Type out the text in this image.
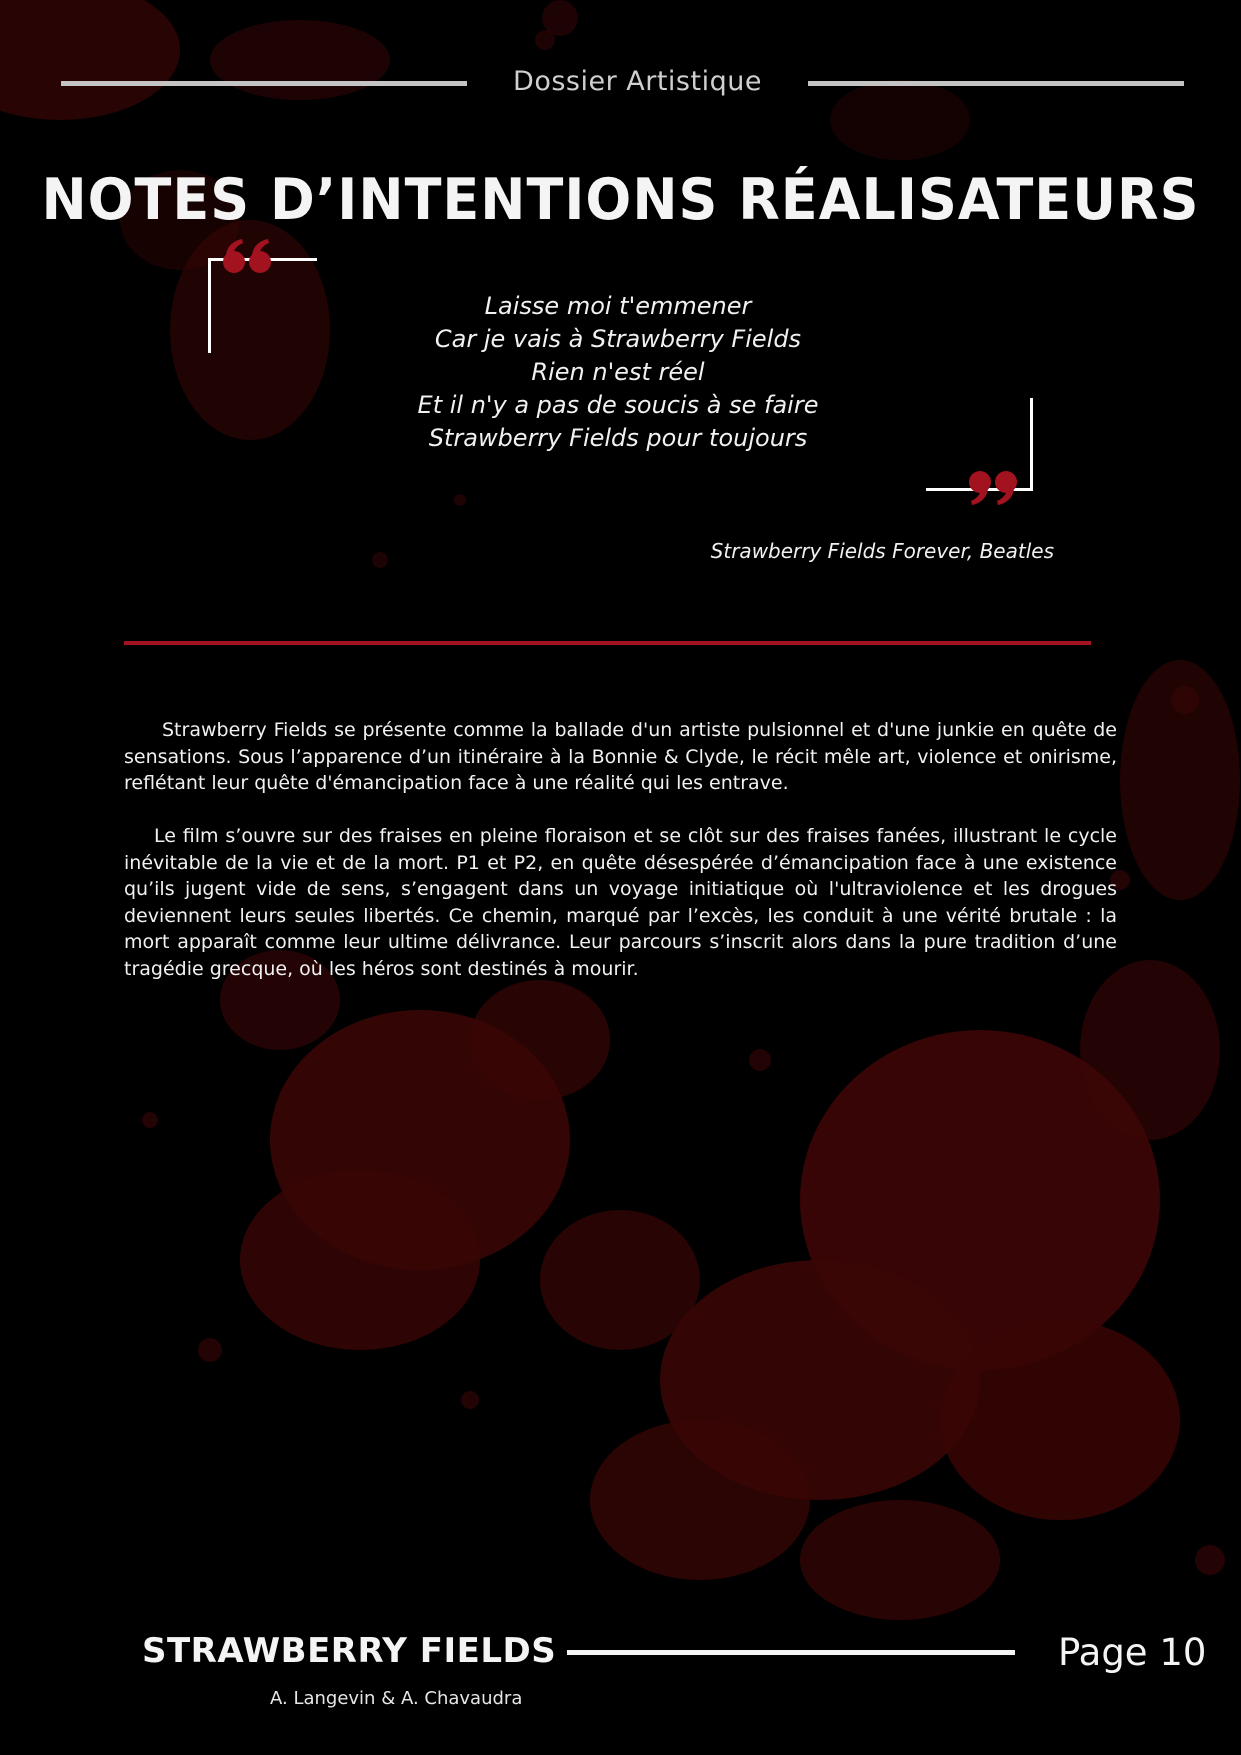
Dossier Artistique
NOTES D’INTENTIONS RÉALISATEURS
Laisse moi t'emmener
Car je vais à Strawberry Fields
Rien n'est réel
Et il n'y a pas de soucis à se faire
Strawberry Fields pour toujours
Strawberry Fields Forever, Beatles

Strawberry Fields se présente comme la ballade d'un artiste pulsionnel et d'une junkie en quête de sensations. Sous l’apparence d’un itinéraire à la Bonnie & Clyde, le récit mêle art, violence et onirisme, reflétant leur quête d'émancipation face à une réalité qui les entrave.

Le film s’ouvre sur des fraises en pleine floraison et se clôt sur des fraises fanées, illustrant le cycle inévitable de la vie et de la mort. P1 et P2, en quête désespérée d’émancipation face à une existence qu’ils jugent vide de sens, s’engagent dans un voyage initiatique où l'ultraviolence et les drogues deviennent leurs seules libertés. Ce chemin, marqué par l’excès, les conduit à une vérité brutale : la mort apparaît comme leur ultime délivrance. Leur parcours s’inscrit alors dans la pure tradition d’une tragédie grecque, où les héros sont destinés à mourir.

STRAWBERRY FIELDS	Page 10
A. Langevin & A. Chavaudra
